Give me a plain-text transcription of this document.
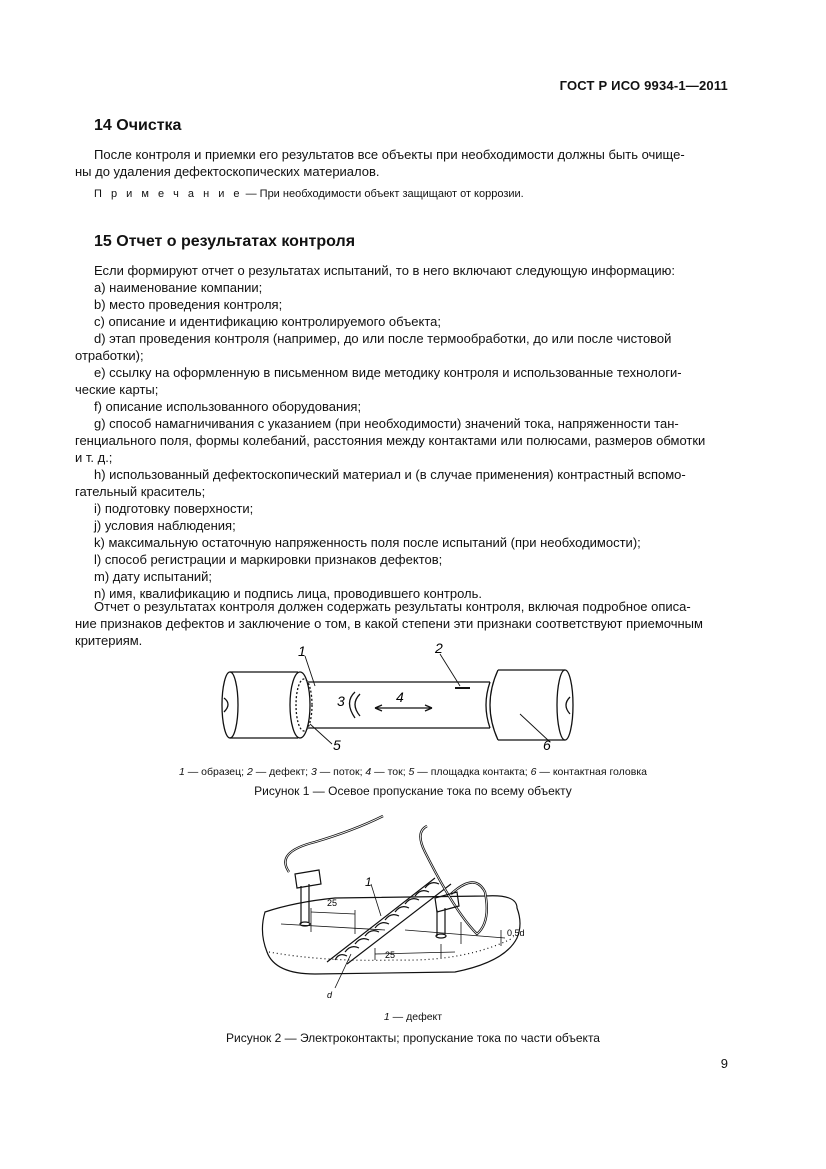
ГОСТ Р ИСО 9934-1—2011
14 Очистка
После контроля и приемки его результатов все объекты при необходимости должны быть очище-
ны до удаления дефектоскопических материалов.
П р и м е ч а н и е — При необходимости объект защищают от коррозии.
15 Отчет о результатах контроля
Если формируют отчет о результатах испытаний, то в него включают следующую информацию:
a) наименование компании;
b) место проведения контроля;
c) описание и идентификацию контролируемого объекта;
d) этап проведения контроля (например, до или после термообработки, до или после чистовой
отработки);
e) ссылку на оформленную в письменном виде методику контроля и использованные технологи-
ческие карты;
f) описание использованного оборудования;
g) способ намагничивания с указанием (при необходимости) значений тока, напряженности тан-
генциального поля, формы колебаний, расстояния между контактами или полюсами, размеров обмотки
и т. д.;
h) использованный дефектоскопический материал и (в случае применения) контрастный вспомо-
гательный краситель;
i) подготовку поверхности;
j) условия наблюдения;
k) максимальную остаточную напряженность поля после испытаний (при необходимости);
l) способ регистрации и маркировки признаков дефектов;
m) дату испытаний;
n) имя, квалификацию и подпись лица, проводившего контроль.
Отчет о результатах контроля должен содержать результаты контроля, включая подробное описа-
ние признаков дефектов и заключение о том, в какой степени эти признаки соответствуют приемочным
критериям.
1	2
3	4
5	6
1 — образец; 2 — дефект; 3 — поток; 4 — ток; 5 — площадка контакта; 6 — контактная головка
Рисунок 1 — Осевое пропускание тока по всему объекту
1
25
25
0,5d
d
1 — дефект
Рисунок 2 — Электроконтакты; пропускание тока по части объекта
9
